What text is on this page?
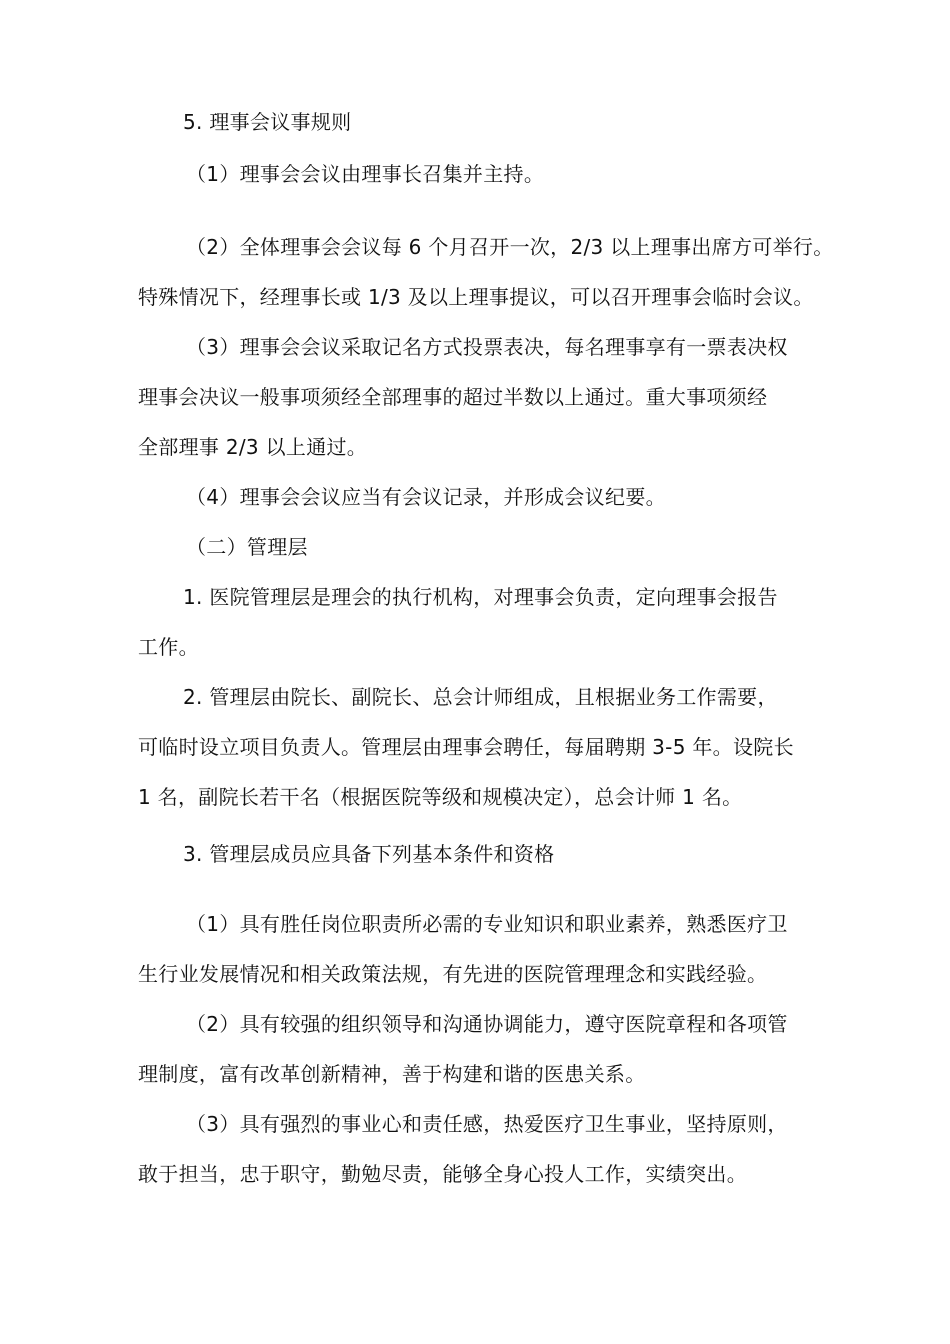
5. 理事会议事规则
（1）理事会会议由理事长召集并主持。
（2）全体理事会会议每 6 个月召开一次，2/3 以上理事出席方可举行。
特殊情况下，经理事长或 1/3 及以上理事提议，可以召开理事会临时会议。
（3）理事会会议采取记名方式投票表决，每名理事享有一票表决权
理事会决议一般事项须经全部理事的超过半数以上通过。重大事项须经
全部理事 2/3 以上通过。
（4）理事会会议应当有会议记录，并形成会议纪要。
（二）管理层
1. 医院管理层是理会的执行机构，对理事会负责，定向理事会报告
工作。
2. 管理层由院长、副院长、总会计师组成，且根据业务工作需要，
可临时设立项目负责人。管理层由理事会聘任，每届聘期 3-5 年。设院长
1 名，副院长若干名（根据医院等级和规模决定），总会计师 1 名。
3. 管理层成员应具备下列基本条件和资格
（1）具有胜任岗位职责所必需的专业知识和职业素养，熟悉医疗卫
生行业发展情况和相关政策法规，有先进的医院管理理念和实践经验。
（2）具有较强的组织领导和沟通协调能力，遵守医院章程和各项管
理制度，富有改革创新精神，善于构建和谐的医患关系。
（3）具有强烈的事业心和责任感，热爱医疗卫生事业，坚持原则，
敢于担当，忠于职守，勤勉尽责，能够全身心投人工作，实绩突出。
